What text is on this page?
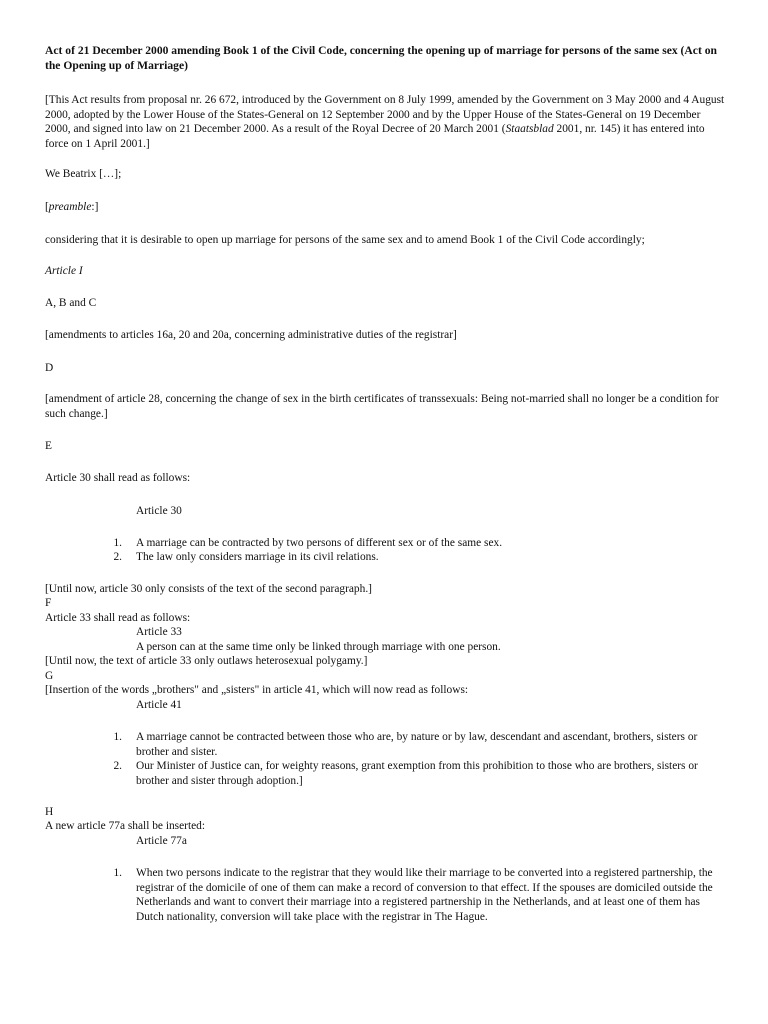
Act of 21 December 2000 amending Book 1 of the Civil Code, concerning the opening up of marriage for persons of the same sex (Act on the Opening up of Marriage)

[This Act results from proposal nr. 26 672, introduced by the Government on 8 July 1999, amended by the Government on 3 May 2000 and 4 August 2000, adopted by the Lower House of the States-General on 12 September 2000 and by the Upper House of the States-General on 19 December 2000, and signed into law on 21 December 2000. As a result of the Royal Decree of 20 March 2001 (Staatsblad 2001, nr. 145) it has entered into force on 1 April 2001.]

We Beatrix […];

[preamble:]

considering that it is desirable to open up marriage for persons of the same sex and to amend Book 1 of the Civil Code accordingly;

Article I

A, B and C

[amendments to articles 16a, 20 and 20a, concerning administrative duties of the registrar]

D

[amendment of article 28, concerning the change of sex in the birth certificates of transsexuals: Being not-married shall no longer be a condition for such change.]

E

Article 30 shall read as follows:

Article 30

1. A marriage can be contracted by two persons of different sex or of the same sex.
2. The law only considers marriage in its civil relations.

[Until now, article 30 only consists of the text of the second paragraph.]

F

Article 33 shall read as follows:

Article 33

A person can at the same time only be linked through marriage with one person.

[Until now, the text of article 33 only outlaws heterosexual polygamy.]

G

[Insertion of the words „brothers" and „sisters" in article 41, which will now read as follows:

Article 41

1. A marriage cannot be contracted between those who are, by nature or by law, descendant and ascendant, brothers, sisters or brother and sister.
2. Our Minister of Justice can, for weighty reasons, grant exemption from this prohibition to those who are brothers, sisters or brother and sister through adoption.]

H

A new article 77a shall be inserted:

Article 77a

1. When two persons indicate to the registrar that they would like their marriage to be converted into a registered partnership, the registrar of the domicile of one of them can make a record of conversion to that effect. If the spouses are domiciled outside the Netherlands and want to convert their marriage into a registered partnership in the Netherlands, and at least one of them has Dutch nationality, conversion will take place with the registrar in The Hague.
